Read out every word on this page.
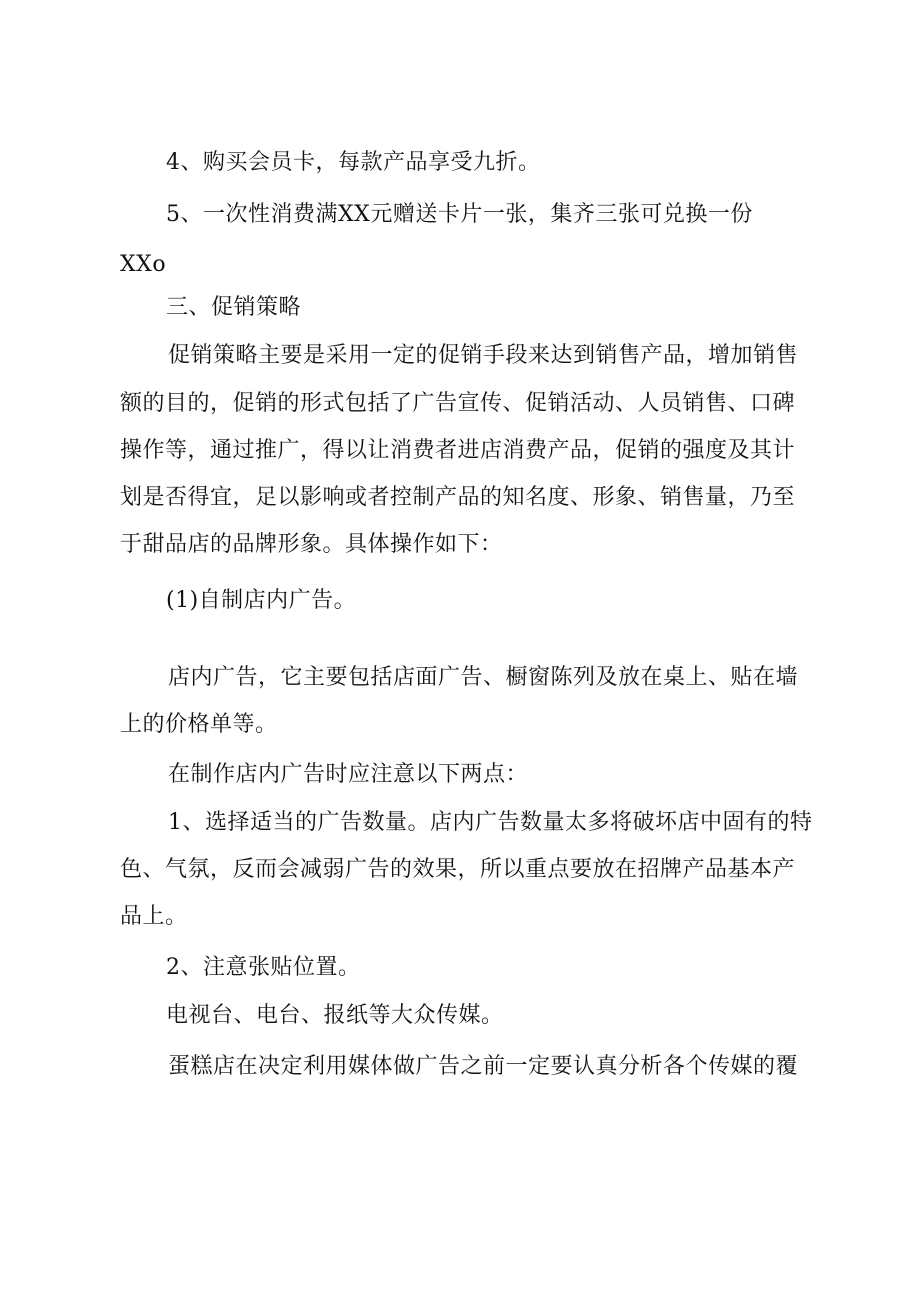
4、购买会员卡，每款产品享受九折。
5、一次性消费满XX元赠送卡片一张，集齐三张可兑换一份
XXo
三、促销策略
促销策略主要是采用一定的促销手段来达到销售产品，增加销售
额的目的，促销的形式包括了广告宣传、促销活动、人员销售、口碑
操作等，通过推广，得以让消费者进店消费产品，促销的强度及其计
划是否得宜，足以影响或者控制产品的知名度、形象、销售量，乃至
于甜品店的品牌形象。具体操作如下：
(1)自制店内广告。
店内广告，它主要包括店面广告、橱窗陈列及放在桌上、贴在墙
上的价格单等。
在制作店内广告时应注意以下两点：
1、选择适当的广告数量。店内广告数量太多将破坏店中固有的特
色、气氛，反而会减弱广告的效果，所以重点要放在招牌产品基本产
品上。
2、注意张贴位置。
电视台、电台、报纸等大众传媒。
蛋糕店在决定利用媒体做广告之前一定要认真分析各个传媒的覆
